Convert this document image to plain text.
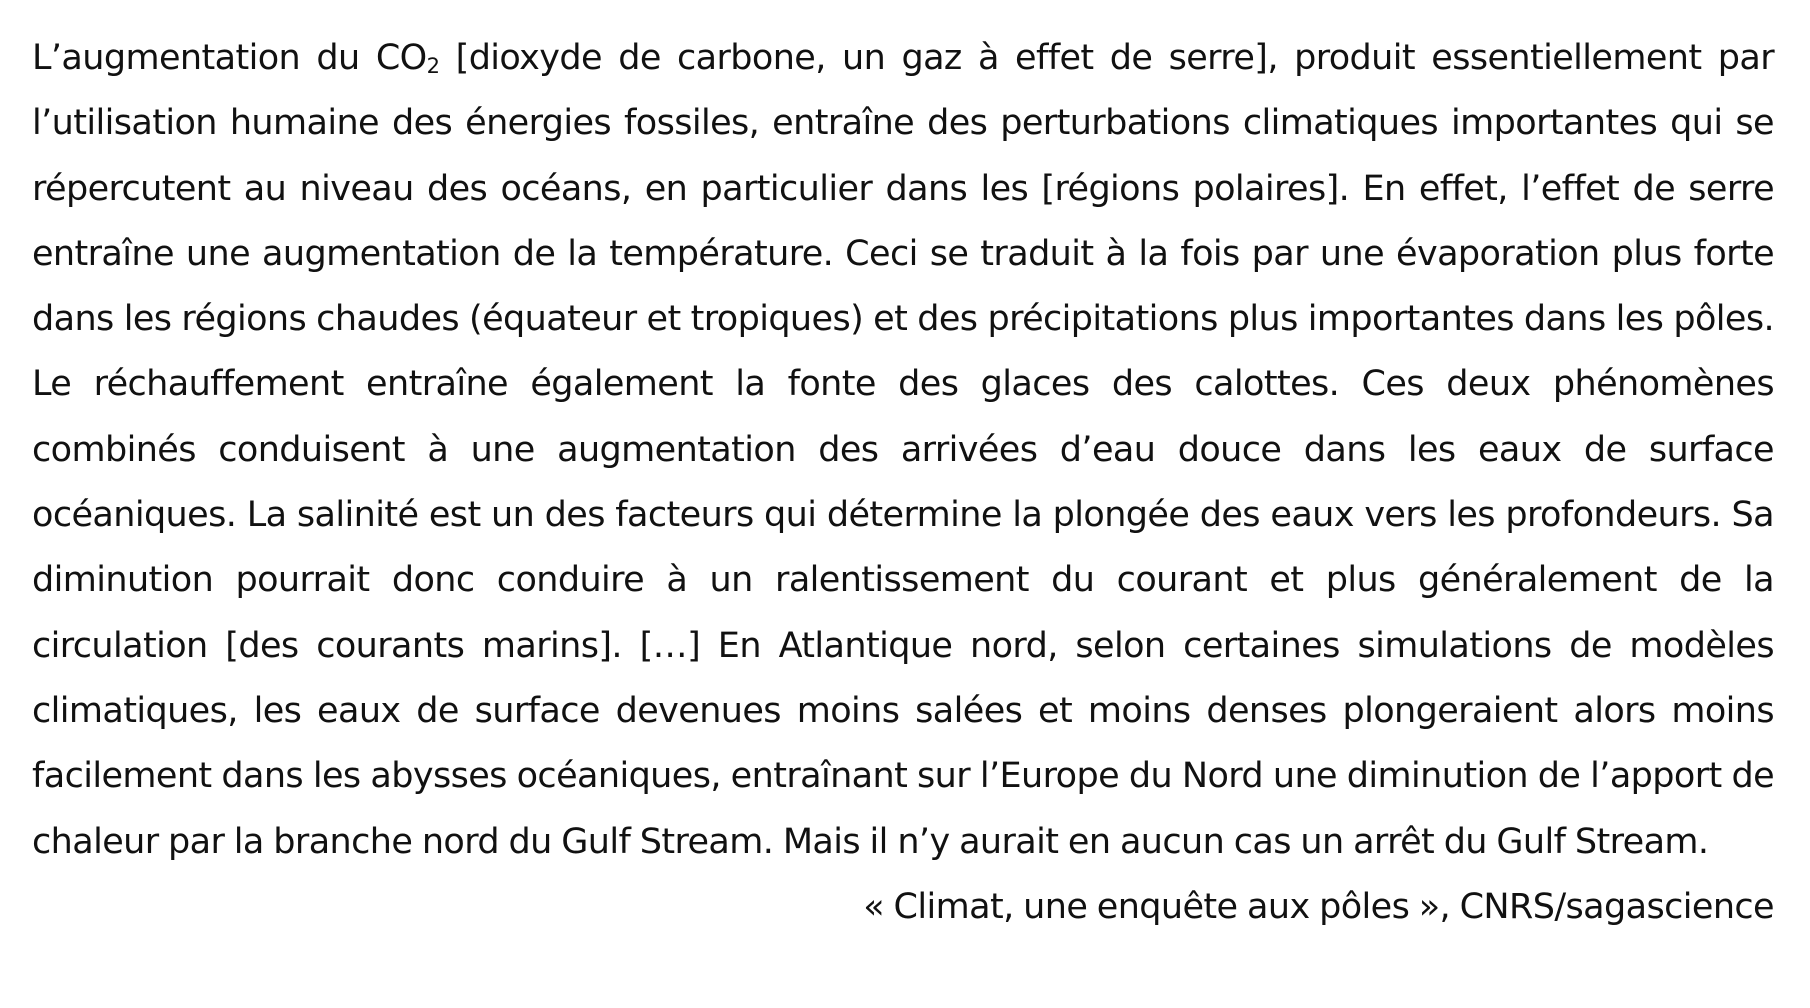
L’augmentation du $CO_2$ [dioxyde de carbone, un gaz à effet de serre], produit essentiellement par l’utilisation humaine des énergies fossiles, entraîne des perturbations climatiques importantes qui se répercutent au niveau des océans, en particulier dans les [régions polaires]. En effet, l’effet de serre entraîne une augmentation de la température. Ceci se traduit à la fois par une évaporation plus forte dans les régions chaudes (équateur et tropiques) et des précipitations plus importantes dans les pôles. Le réchauffement entraîne également la fonte des glaces des calottes. Ces deux phénomènes combinés conduisent à une augmentation des arrivées d’eau douce dans les eaux de surface océaniques. La salinité est un des facteurs qui détermine la plongée des eaux vers les profondeurs. Sa diminution pourrait donc conduire à un ralentissement du courant et plus généralement de la circulation [des courants marins]. […] En Atlantique nord, selon certaines simulations de modèles climatiques, les eaux de surface devenues moins salées et moins denses plongeraient alors moins facilement dans les abysses océaniques, entraînant sur l’Europe du Nord une diminution de l’apport de chaleur par la branche nord du Gulf Stream. Mais il n’y aurait en aucun cas un arrêt du Gulf Stream.

« Climat, une enquête aux pôles », CNRS/sagascience
